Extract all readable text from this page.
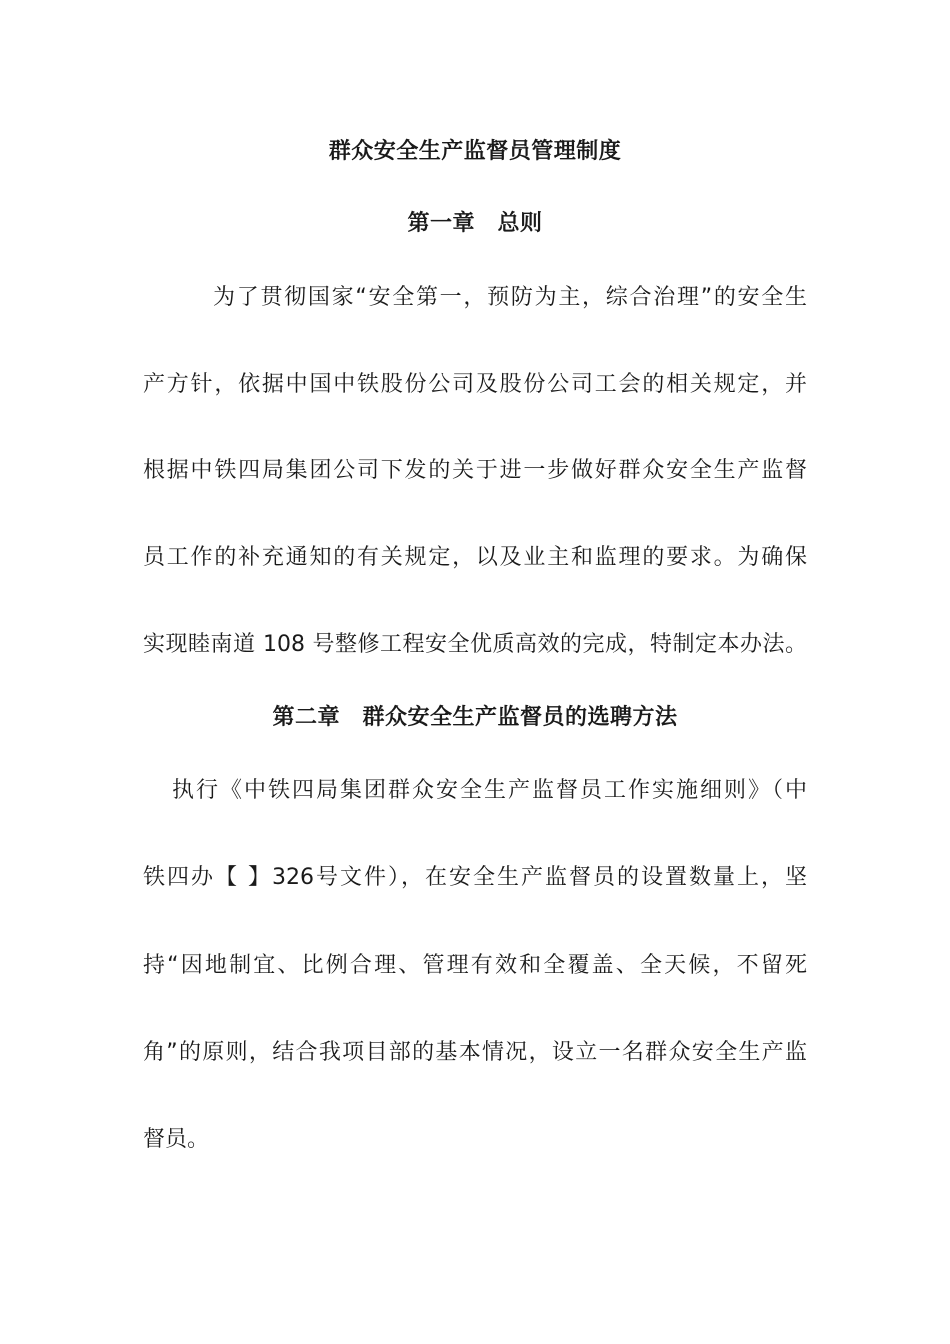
群众安全生产监督员管理制度
第一章　总则
为了贯彻国家“安全第一，预防为主，综合治理”的安全生
产方针，依据中国中铁股份公司及股份公司工会的相关规定，并
根据中铁四局集团公司下发的关于进一步做好群众安全生产监督
员工作的补充通知的有关规定，以及业主和监理的要求。为确保
实现睦南道 108 号整修工程安全优质高效的完成，特制定本办法。
第二章　群众安全生产监督员的选聘方法
执行《中铁四局集团群众安全生产监督员工作实施细则》（中
铁四办【 】326号文件），在安全生产监督员的设置数量上，坚
持“因地制宜、比例合理、管理有效和全覆盖、全天候，不留死
角”的原则，结合我项目部的基本情况，设立一名群众安全生产监
督员。
